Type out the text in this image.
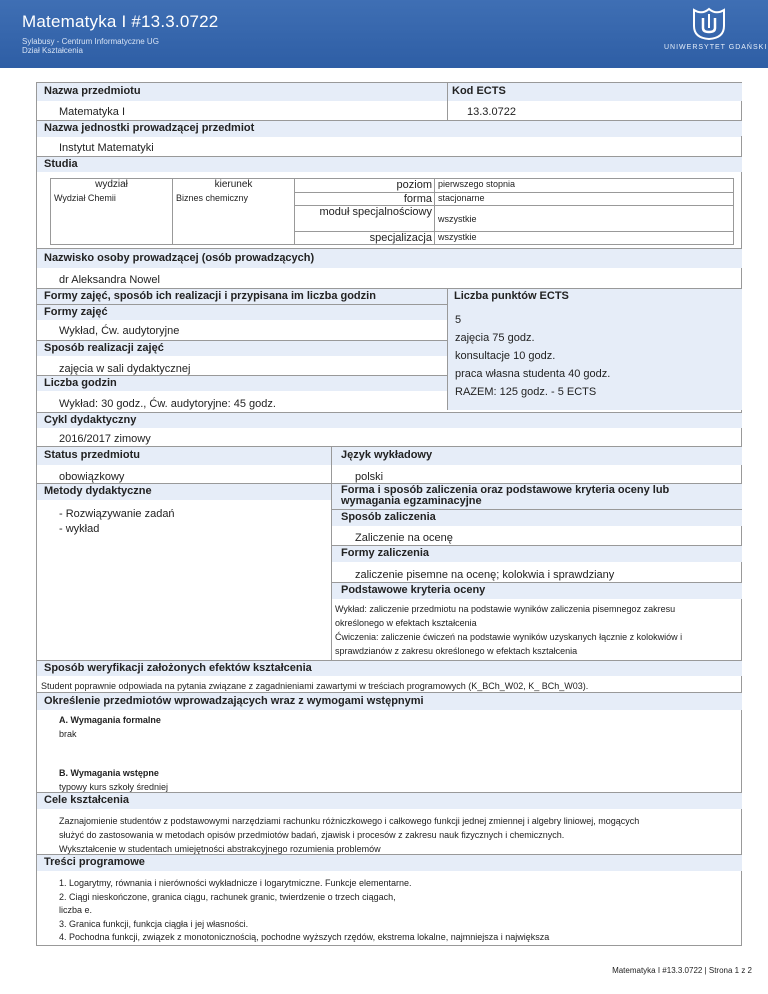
Matematyka I #13.3.0722
Sylabusy - Centrum Informatyczne UG
Dział Kształcenia	UNIWERSYTET GDAŃSKI
Nazwa przedmiotu	Kod ECTS
Matematyka I	13.3.0722
Nazwa jednostki prowadzącej przedmiot
Instytut Matematyki
Studia
wydział	kierunek	poziom	pierwszego stopnia
Wydział Chemii	Biznes chemiczny	forma	stacjonarne
		moduł specjalnościowy	wszystkie
		specjalizacja	wszystkie
Nazwisko osoby prowadzącej (osób prowadzących)
dr Aleksandra Nowel
Formy zajęć, sposób ich realizacji i przypisana im liczba godzin	Liczba punktów ECTS
Formy zajęć
Wykład, Ćw. audytoryjne
Sposób realizacji zajęć
zajęcia w sali dydaktycznej
Liczba godzin
Wykład: 30 godz., Ćw. audytoryjne: 45 godz.
5
zajęcia 75 godz.
konsultacje 10 godz.
praca własna studenta 40 godz.
RAZEM: 125 godz. - 5 ECTS
Cykl dydaktyczny
2016/2017 zimowy
Status przedmiotu	Język wykładowy
obowiązkowy	polski
Metody dydaktyczne
- Rozwiązywanie zadań
- wykład
Forma i sposób zaliczenia oraz podstawowe kryteria oceny lub
wymagania egzaminacyjne
Sposób zaliczenia
Zaliczenie na ocenę
Formy zaliczenia
zaliczenie pisemne na ocenę; kolokwia i sprawdziany
Podstawowe kryteria oceny
Wykład: zaliczenie przedmiotu na podstawie wyników zaliczenia pisemnegoz zakresu
określonego w efektach kształcenia
Ćwiczenia: zaliczenie ćwiczeń na podstawie wyników uzyskanych łącznie z kolokwiów i
sprawdzianów z zakresu określonego w efektach kształcenia
Sposób weryfikacji założonych efektów kształcenia
Student poprawnie odpowiada na pytania związane z zagadnieniami zawartymi w treściach programowych (K_BCh_W02, K_ BCh_W03).
Określenie przedmiotów wprowadzających wraz z wymogami wstępnymi
A. Wymagania formalne
brak
B. Wymagania wstępne
typowy kurs szkoły średniej
Cele kształcenia
Zaznajomienie studentów z podstawowymi narzędziami rachunku różniczkowego i całkowego funkcji jednej zmiennej i algebry liniowej, mogących
służyć do zastosowania w metodach opisów przedmiotów badań, zjawisk i procesów z zakresu nauk fizycznych i chemicznych.
Wykształcenie w studentach umiejętności abstrakcyjnego rozumienia problemów
Treści programowe
1. Logarytmy, równania i nierówności wykładnicze i logarytmiczne. Funkcje elementarne.
2. Ciągi nieskończone, granica ciągu, rachunek granic, twierdzenie o trzech ciągach,
liczba e.
3. Granica funkcji, funkcja ciągła i jej własności.
4. Pochodna funkcji, związek z monotonicznością, pochodne wyższych rzędów, ekstrema lokalne, najmniejsza i największa
Matematyka I #13.3.0722 | Strona 1 z 2
